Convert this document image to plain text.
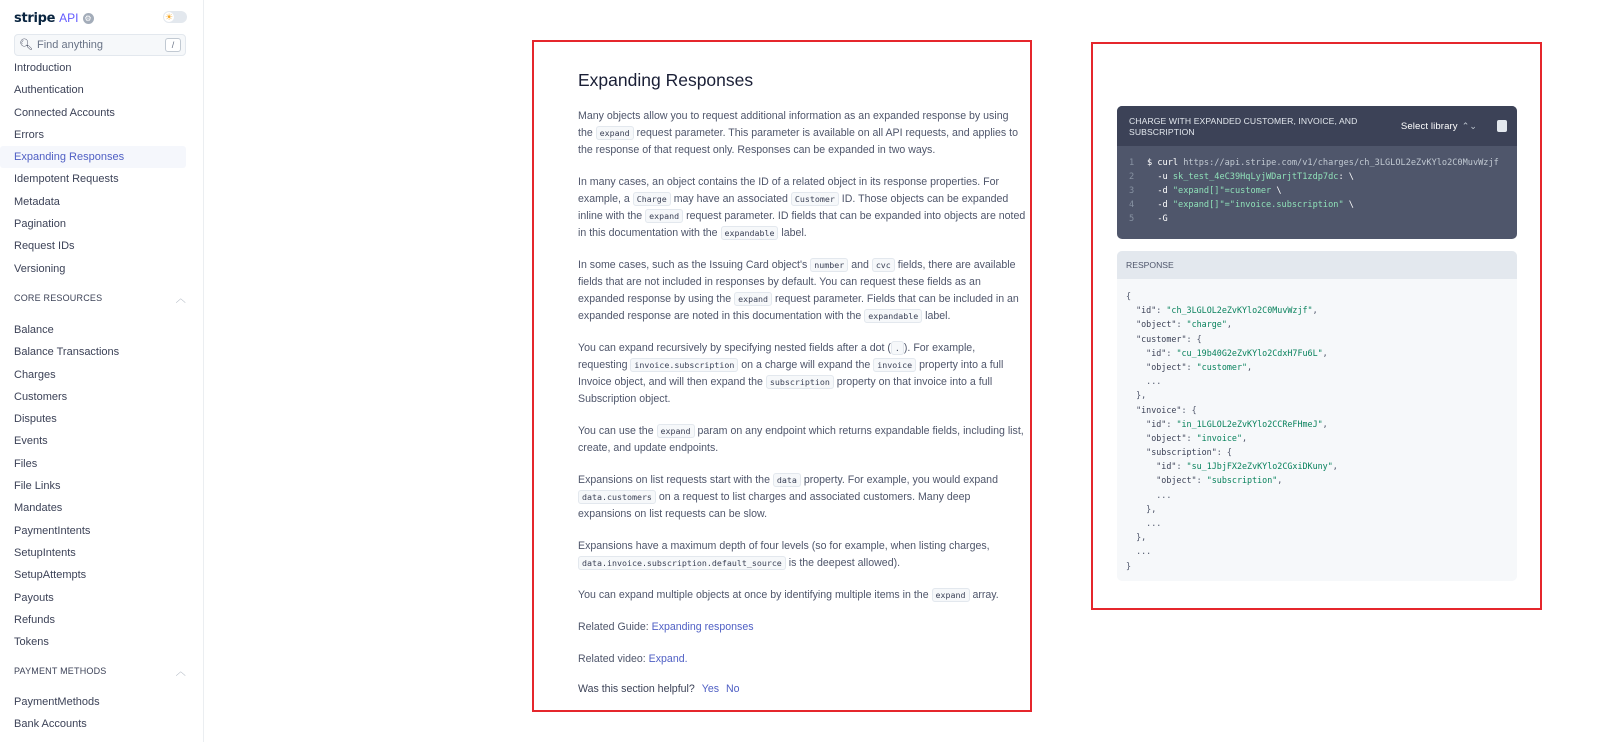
stripe API ⚙	☀
🔍︎
Find anything	/
Introduction
Authentication
Connected Accounts
Errors
Expanding Responses
Idempotent Requests
Metadata
Pagination
Request IDs
Versioning
CORE RESOURCES	︿
Balance
Balance Transactions
Charges
Customers
Disputes
Events
Files
File Links
Mandates
PaymentIntents
SetupIntents
SetupAttempts
Payouts
Refunds
Tokens
PAYMENT METHODS	︿
PaymentMethods
Bank Accounts
Expanding Responses

Many objects allow you to request additional information as an expanded response by using the expand request parameter. This parameter is available on all API requests, and applies to the response of that request only. Responses can be expanded in two ways.

In many cases, an object contains the ID of a related object in its response properties. For example, a Charge may have an associated Customer ID. Those objects can be expanded inline with the expand request parameter. ID fields that can be expanded into objects are noted in this documentation with the expandable label.

In some cases, such as the Issuing Card object's number and cvc fields, there are available fields that are not included in responses by default. You can request these fields as an expanded response by using the expand request parameter. Fields that can be included in an expanded response are noted in this documentation with the expandable label.

You can expand recursively by specifying nested fields after a dot ( . ). For example, requesting invoice.subscription on a charge will expand the invoice property into a full Invoice object, and will then expand the subscription property on that invoice into a full Subscription object.

You can use the expand param on any endpoint which returns expandable fields, including list, create, and update endpoints.

Expansions on list requests start with the data property. For example, you would expand data.customers on a request to list charges and associated customers. Many deep expansions on list requests can be slow.

Expansions have a maximum depth of four levels (so for example, when listing charges, data.invoice.subscription.default_source is the deepest allowed).

You can expand multiple objects at once by identifying multiple items in the expand array.

Related Guide: Expanding responses

Related video: Expand.

Was this section helpful? Yes No
CHARGE WITH EXPANDED CUSTOMER, INVOICE, AND SUBSCRIPTION	Select library ⌃⌄
1 $ curl https://api.stripe.com/v1/charges/ch_3LGLOL2eZvKYlo2C0MuvWzjf
2  -u sk_test_4eC39HqLyjWDarjtT1zdp7dc: \
3  -d "expand[]"=customer \
4  -d "expand[]"="invoice.subscription" \
5  -G
RESPONSE
{
"id": "ch_3LGLOL2eZvKYlo2C0MuvWzjf",
"object": "charge",
"customer": {
"id": "cu_19b40G2eZvKYlo2CdxH7Fu6L",
"object": "customer",
...
},
"invoice": {
"id": "in_1LGLOL2eZvKYlo2CCReFHmeJ",
"object": "invoice",
"subscription": {
"id": "su_1JbjFX2eZvKYlo2CGxiDKuny",
"object": "subscription",
...
},
...
},
...
}
